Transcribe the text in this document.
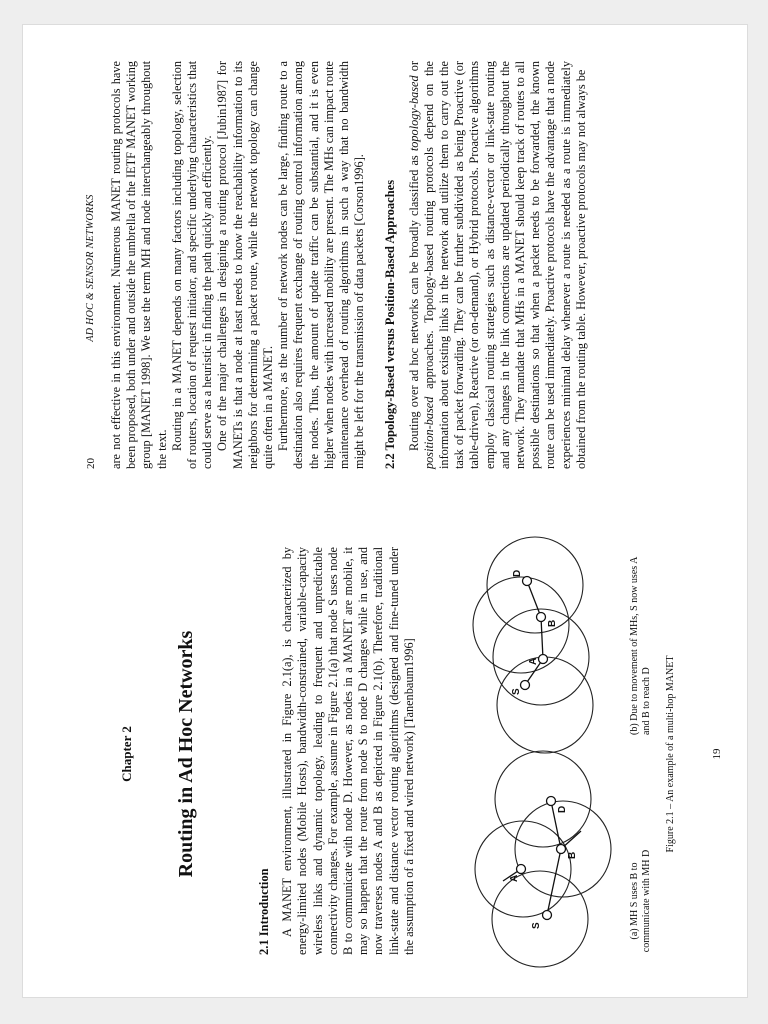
Chapter 2 Routing in Ad Hoc Networks
2.1 Introduction A MANET environment, illustrated in Figure 2.1(a), is characterized by energy-limited nodes (Mobile Hosts), bandwidth-constrained, variable-capacity wireless links and dynamic topology, leading to frequent and unpredictable connectivity changes. For example, assume in Figure 2.1(a) that node S uses node B to communicate with node D. However, as nodes in a MANET are mobile, it may so happen that the route from node S to node D changes while in use, and now traverses nodes A and B as depicted in Figure 2.1(b). Therefore, traditional link-state and distance vector routing algorithms (designed and fine-tuned under the assumption of a fixed and wired network) [Tanenbaum1996]	S
A
B
D
S
A
B
D
(a) MH S uses B to communicate with MH D
(b) Due to movement of MHs, S now uses A and B to reach D Figure 2.1 – An example of a multi-hop MANET	19
20
AD HOC & SENSOR NETWORKS are not effective in this environment. Numerous MANET routing protocols have been proposed, both under and outside the umbrella of the IETF MANET working group [MANET 1998]. We use the term MH and node interchangeably throughout the text. Routing in a MANET depends on many factors including topology, selection of routers, location of request initiator, and specific underlying characteristics that could serve as a heuristic in finding the path quickly and efficiently. One of the major challenges in designing a routing protocol [Jubin1987] for MANETs is that a node at least needs to know the reachability information to its neighbors for determining a packet route, while the network topology can change quite often in a MANET. Furthermore, as the number of network nodes can be large, finding route to a destination also requires frequent exchange of routing control information among the nodes. Thus, the amount of update traffic can be substantial, and it is even higher when nodes with increased mobility are present. The MHs can impact route maintenance overhead of routing algorithms in such a way that no bandwidth might be left for the transmission of data packets [Corson1996]. 2.2 Topology-Based versus Position-Based Approaches Routing over ad hoc networks can be broadly classified as topology-based or position-based approaches. Topology-based routing protocols depend on the information about existing links in the network and utilize them to carry out the task of packet forwarding. They can be further subdivided as being Proactive (or table-driven), Reactive (or on-demand), or Hybrid protocols. Proactive algorithms employ classical routing strategies such as distance-vector or link-state routing and any changes in the link connections are updated periodically throughout the network. They mandate that MHs in a MANET should keep track of routes to all possible destinations so that when a packet needs to be forwarded, the known route can be used immediately. Proactive protocols have the advantage that a node experiences minimal delay whenever a route is needed as a route is immediately obtained from the routing table. However, proactive protocols may not always be
